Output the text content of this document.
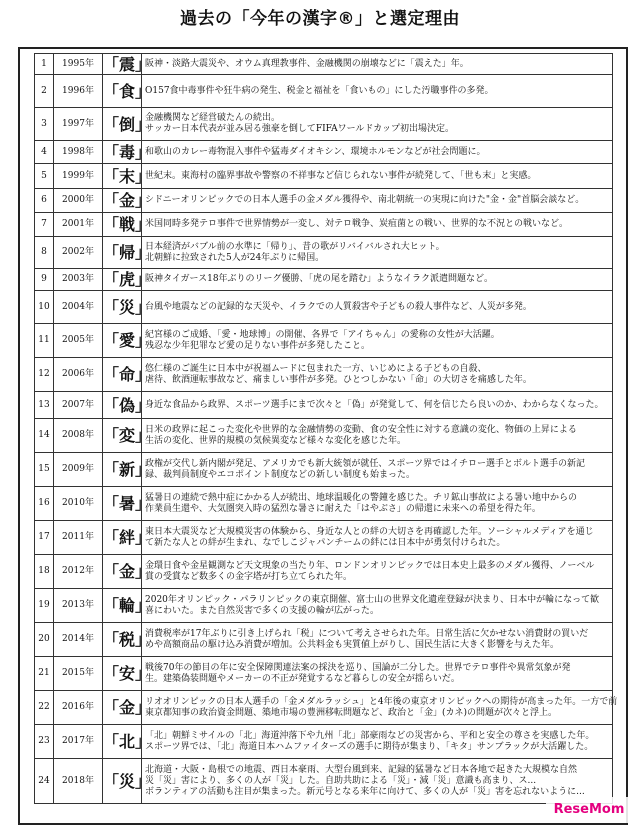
過去の「今年の漢字®」と選定理由
1	1995年	「震」	阪神・淡路大震災や、オウム真理教事件、金融機関の崩壊などに「震えた」年。

2	1996年	「食」	O157食中毒事件や狂牛病の発生、税金と福祉を「食いもの」にした汚職事件の多発。

3	1997年	「倒」	金融機関など経営破たんの続出。
サッカー日本代表が並み居る強豪を倒してFIFAワールドカップ初出場決定。

4	1998年	「毒」	和歌山のカレー毒物混入事件や猛毒ダイオキシン、環境ホルモンなどが社会問題に。

5	1999年	「末」	世紀末。東海村の臨界事故や警察の不祥事など信じられない事件が続発して、「世も末」と実感。

6	2000年	「金」	シドニーオリンピックでの日本人選手の金メダル獲得や、南北朝統一の実現に向けた"金・金"首脳会談など。

7	2001年	「戦」	米国同時多発テロ事件で世界情勢が一変し、対テロ戦争、炭疽菌との戦い、世界的な不況との戦いなど。

8	2002年	「帰」	日本経済がバブル前の水準に「帰り」、昔の歌がリバイバルされ大ヒット。
北朝鮮に拉致された5人が24年ぶりに帰国。

9	2003年	「虎」	阪神タイガース18年ぶりのリーグ優勝、「虎の尾を踏む」ようなイラク派遣問題など。

10	2004年	「災」	台風や地震などの記録的な天災や、イラクでの人質殺害や子どもの殺人事件など、人災が多発。

11	2005年	「愛」	紀宮様のご成婚、「愛・地球博」の開催、各界で「アイちゃん」の愛称の女性が大活躍。
残忍な少年犯罪など愛の足りない事件が多発したこと。

12	2006年	「命」	悠仁様のご誕生に日本中が祝福ムードに包まれた一方、いじめによる子どもの自殺、
虐待、飲酒運転事故など、痛ましい事件が多発。ひとつしかない「命」の大切さを痛感した年。

13	2007年	「偽」	身近な食品から政界、スポーツ選手にまで次々と「偽」が発覚して、何を信じたら良いのか、わからなくなった。

14	2008年	「変」	日米の政界に起こった変化や世界的な金融情勢の変動、食の安全性に対する意識の変化、物価の上昇による
生活の変化、世界的規模の気候異変など様々な変化を感じた年。

15	2009年	「新」	政権が交代し新内閣が発足、アメリカでも新大統領が就任、スポーツ界ではイチロー選手とボルト選手の新記
録、裁判員制度やエコポイント制度などの新しい制度も始まった。

16	2010年	「暑」	猛暑日の連続で熱中症にかかる人が続出、地球温暖化の警鐘を感じた。チリ鉱山事故による暑い地中からの
作業員生還や、大気圏突入時の猛烈な暑さに耐えた「はやぶさ」の帰還に未来への希望を得た年。

17	2011年	「絆」	東日本大震災など大規模災害の体験から、身近な人との絆の大切さを再確認した年。ソーシャルメディアを通じ
て新たな人との絆が生まれ、なでしこジャパンチームの絆には日本中が勇気付けられた。

18	2012年	「金」	金環日食や金星観測など天文現象の当たり年、ロンドンオリンピックでは日本史上最多のメダル獲得、ノーベル
賞の受賞など数多くの金字塔が打ち立てられた年。

19	2013年	「輪」	2020年オリンピック・パラリンピックの東京開催、富士山の世界文化遺産登録が決まり、日本中が輪になって歓
喜にわいた。また自然災害で多くの支援の輪が広がった。

20	2014年	「税」	消費税率が17年ぶりに引き上げられ「税」について考えさせられた年。日常生活に欠かせない消費財の買いだ
めや高額商品の駆け込み消費が増加。公共料金も実質値上がりし、国民生活に大きく影響を与えた年。

21	2015年	「安」	戦後70年の節目の年に安全保障関連法案の採決を巡り、国論が二分した。世界でテロ事件や異常気象が発
生。建築偽装問題やメーカーの不正が発覚するなど暮らしの安全が揺らいだ。

22	2016年	「金」	リオオリンピックの日本人選手の「金メダルラッシュ」と4年後の東京オリンピックへの期待が高まった年。一方で前
東京都知事の政治資金問題、築地市場の豊洲移転問題など、政治と「金」(カネ)の問題が次々と浮上。

23	2017年	「北」	「北」朝鮮ミサイルの「北」海道沖落下や九州「北」部豪雨などの災害から、平和と安全の尊さを実感した年。
スポーツ界では、「北」海道日本ハムファイターズの選手に期待が集まり、「キタ」サンブラックが大活躍した。

24	2018年	「災」	北海道・大阪・島根での地震、西日本豪雨、大型台風到来、記録的猛暑など日本各地で起きた大規模な自然
災「災」害により、多くの人が「災」した。自助共助による「災」・減「災」意識も高まり、ス...
ボランティアの活動も注目が集まった。新元号となる来年に向けて、多くの人が「災」害を忘れないように...
ReseMom
